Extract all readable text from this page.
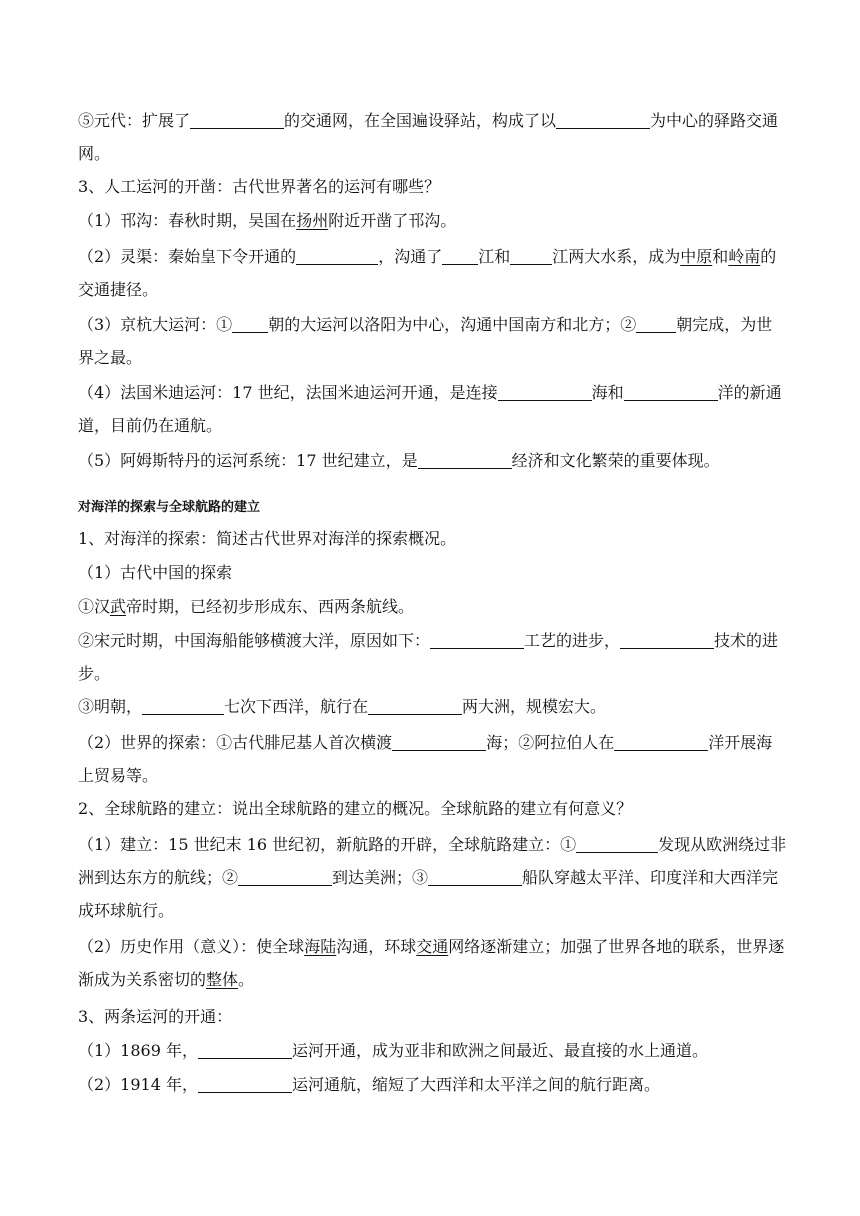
⑤元代：扩展了	的交通网，在全国遍设驿站，构成了以	为中心的驿路交通网。

3、人工运河的开凿：古代世界著名的运河有哪些？

（1）邗沟：春秋时期，吴国在扬州附近开凿了邗沟。

（2）灵渠：秦始皇下令开通的	，沟通了 江和	江两大水系，成为中原和岭南的交通捷径。

（3）京杭大运河：① 朝的大运河以洛阳为中心，沟通中国南方和北方；②	朝完成，为世界之最。

（4）法国米迪运河：17 世纪，法国米迪运河开通，是连接	海和	洋的新通道，目前仍在通航。

（5）阿姆斯特丹的运河系统：17 世纪建立，是	经济和文化繁荣的重要体现。

对海洋的探索与全球航路的建立

1、对海洋的探索：简述古代世界对海洋的探索概况。

（1）古代中国的探索

①汉武帝时期，已经初步形成东、西两条航线。

②宋元时期，中国海船能够横渡大洋，原因如下：	工艺的进步，	技术的进步。

③明朝，	七次下西洋，航行在	两大洲，规模宏大。

（2）世界的探索：①古代腓尼基人首次横渡	海；②阿拉伯人在	洋开展海上贸易等。

2、全球航路的建立：说出全球航路的建立的概况。全球航路的建立有何意义？

（1）建立：15 世纪末 16 世纪初，新航路的开辟，全球航路建立：①	发现从欧洲绕过非洲到达东方的航线；②	到达美洲；③	船队穿越太平洋、印度洋和大西洋完成环球航行。

（2）历史作用（意义）：使全球海陆沟通，环球交通网络逐渐建立；加强了世界各地的联系，世界逐渐成为关系密切的整体。

3、两条运河的开通：

（1）1869 年，	运河开通，成为亚非和欧洲之间最近、最直接的水上通道。

（2）1914 年，	运河通航，缩短了大西洋和太平洋之间的航行距离。
